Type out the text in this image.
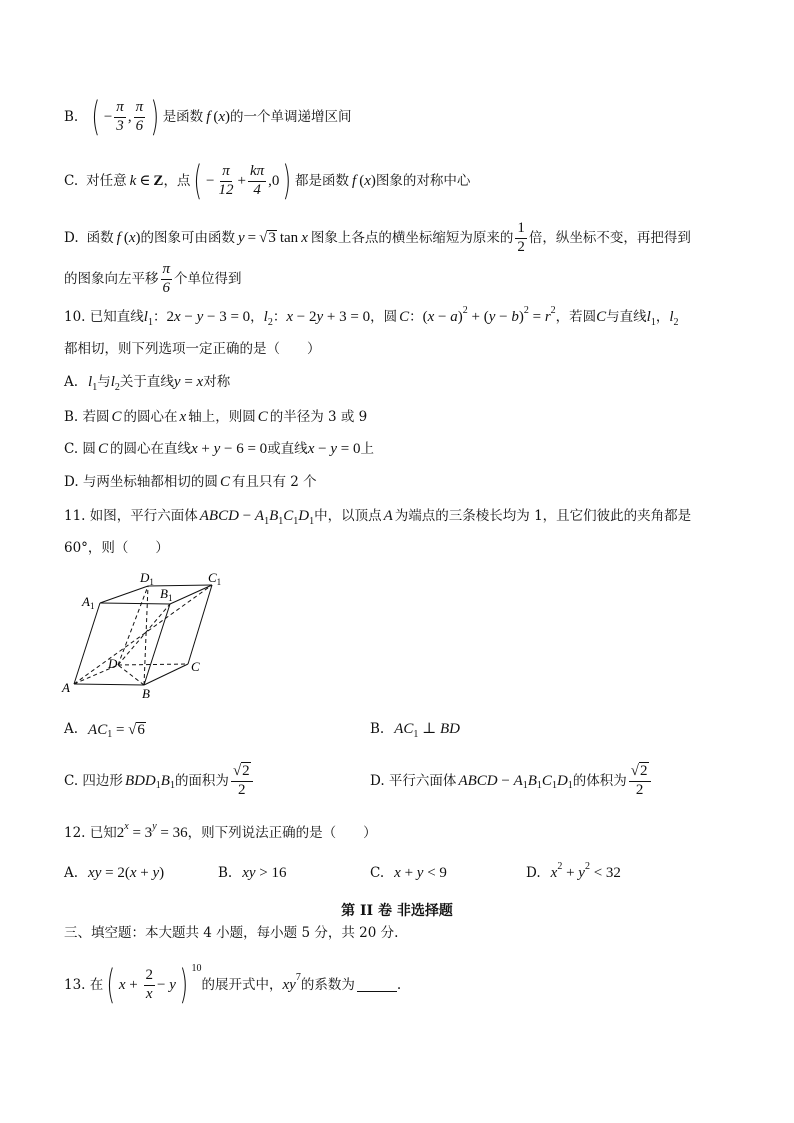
B. ( − $\frac{\pi}{3}$ , $\frac{\pi}{6}$ ) 是函数 f ( x ) 的一个单调递增区间
C. 对任意 k ∈ Z ，点 ( − $\frac{\pi}{12} + \frac{k\pi}{4} ,0$ ) 都是函数 f ( x ) 图象的对称中心
D. 函数 f ( x ) 的图象可由函数 y = √ 3 tan x 图象上各点的横坐标缩短为原来的 $\frac{1}{2}$ 倍，纵坐标不变，再把得到
的图象向左平移 $\frac{\pi}{6}$ 个单位得到
10. 已知直线 l 1 ： 2 x − y − 3 = 0 ， l 2 ： x − 2 y + 3 = 0 ，圆 C ： ( x − a ) 2 + ( y − b ) 2 = r 2 ，若圆 C 与直线 l 1 ， l 2
都相切，则下列选项一定正确的是（　　）
A. l 1 与 l 2 关于直线 y = x 对称
B. 若圆 C 的圆心在 x 轴上，则圆 C 的半径为 3 或 9
C. 圆 C 的圆心在直线 x + y − 6 = 0 或直线 x − y = 0 上
D. 与两坐标轴都相切的圆 C 有且只有 2 个
11. 如图，平行六面体 ABCD − A 1 B 1 C 1 D 1 中，以顶点 A 为端点的三条棱长均为 1，且它们彼此的夹角都是
60°，则（　　）
A	B
C
D
$A_1$
$B_1$
$C_1$
$D_1$
A. AC 1 = √ 6	B. AC 1 ⊥ BD
C. 四边形 BDD 1 B 1 的面积为 $\frac{√2}{2}$	D. 平行六面体 ABCD − A 1 B 1 C 1 D 1 的体积为 $\frac{√2}{2}$
12. 已知 2 x = 3 y = 36 ，则下列说法正确的是（　　）
A. xy = 2( x + y )	B. xy > 16	C. x + y < 9	D. x 2 + y 2 < 32
第 II 卷 非选择题
三、填空题：本大题共 4 小题，每小题 5 分，共 20 分.
13. 在 ( $x + \frac{2}{x} - y$ ) 10
的展开式中， xy 7 的系数为	.
